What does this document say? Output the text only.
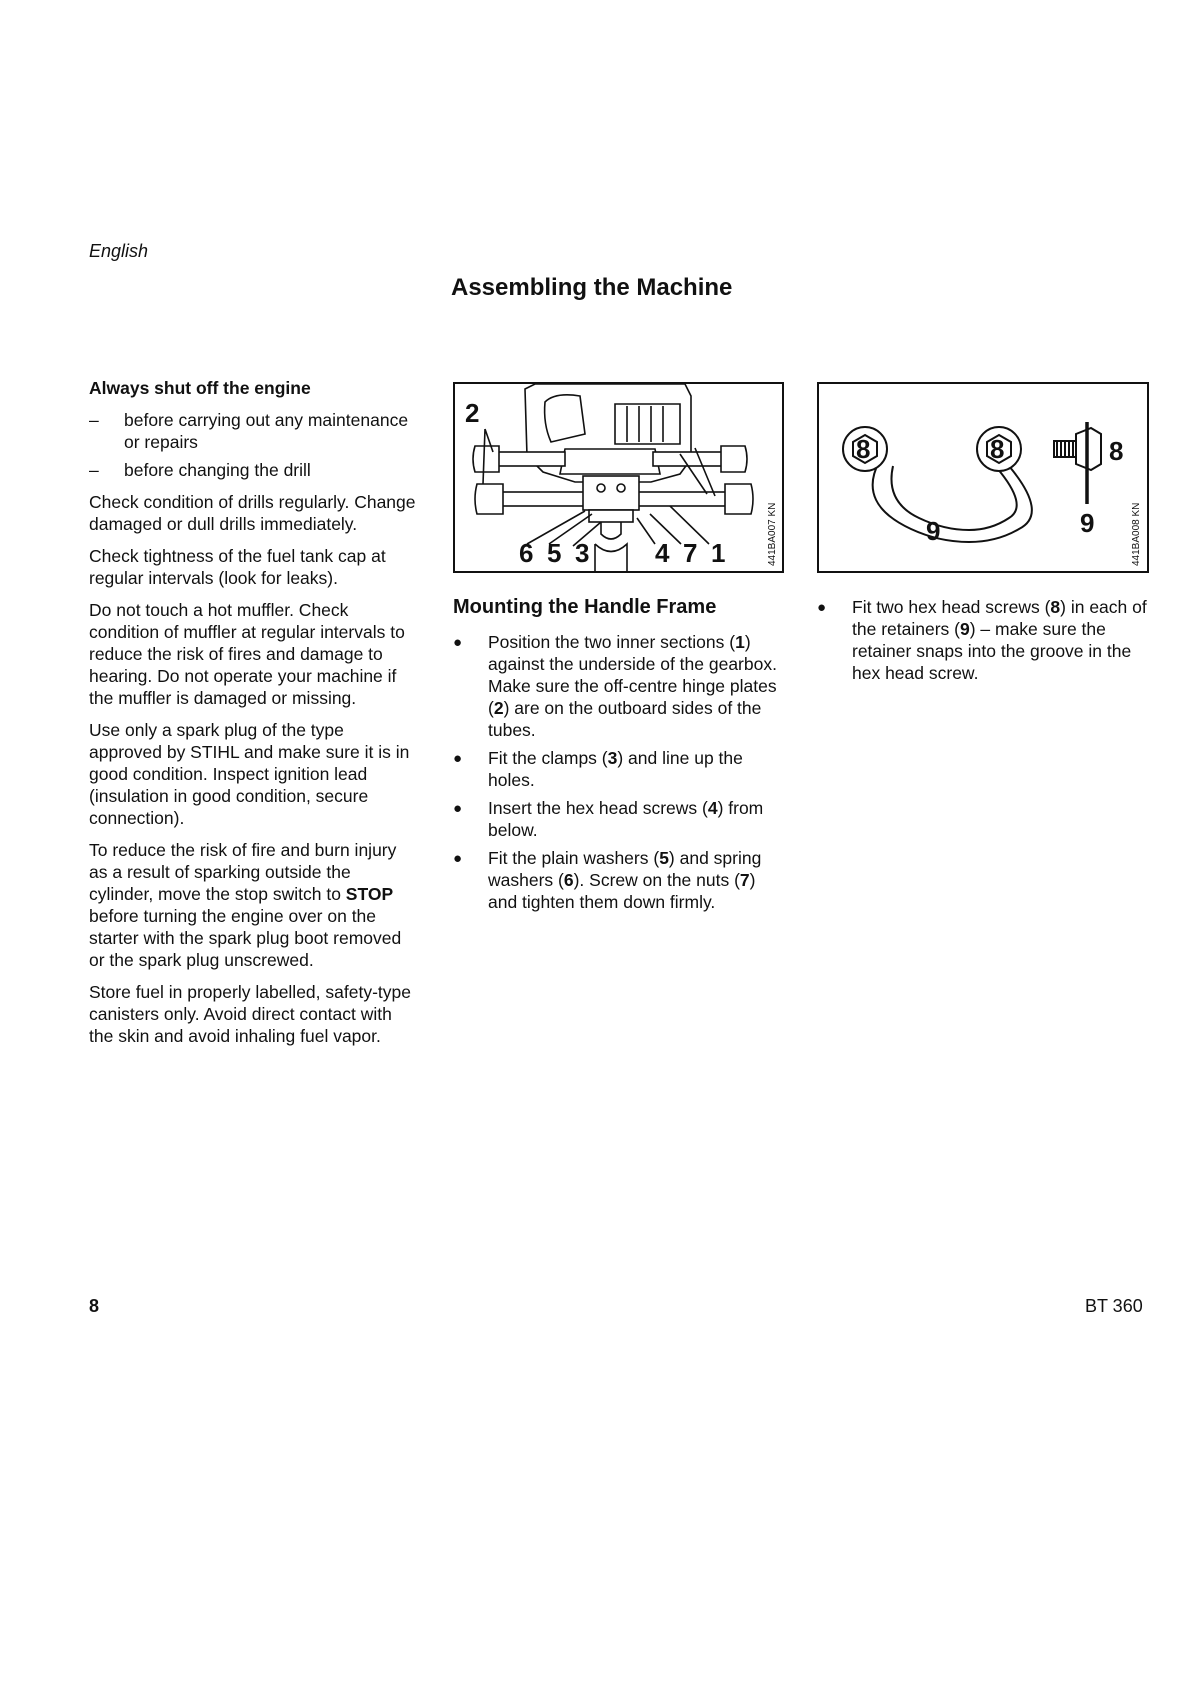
English
Assembling the Machine
Always shut off the engine
– before carrying out any maintenance or repairs
– before changing the drill

Check condition of drills regularly. Change damaged or dull drills immediately.

Check tightness of the fuel tank cap at regular intervals (look for leaks).

Do not touch a hot muffler. Check condition of muffler at regular intervals to reduce the risk of fires and damage to hearing. Do not operate your machine if the muffler is damaged or missing.

Use only a spark plug of the type approved by STIHL and make sure it is in good condition. Inspect ignition lead (insulation in good condition, secure connection).

To reduce the risk of fire and burn injury as a result of sparking outside the cylinder, move the stop switch to STOP before turning the engine over on the starter with the spark plug boot removed or the spark plug unscrewed.

Store fuel in properly labelled, safety-type canisters only. Avoid direct contact with the skin and avoid inhaling fuel vapor.

2
6 5 3	4 7 1	441BA007 KN
8	8	8
9	9	441BA008 KN
Mounting the Handle Frame
● Position the two inner sections (1) against the underside of the gearbox. Make sure the off-centre hinge plates (2) are on the outboard sides of the tubes.
● Fit the clamps (3) and line up the holes.
● Insert the hex head screws (4) from below.
● Fit the plain washers (5) and spring washers (6). Screw on the nuts (7) and tighten them down firmly.
● Fit two hex head screws (8) in each of the retainers (9) – make sure the retainer snaps into the groove in the hex head screw.
8	BT 360
